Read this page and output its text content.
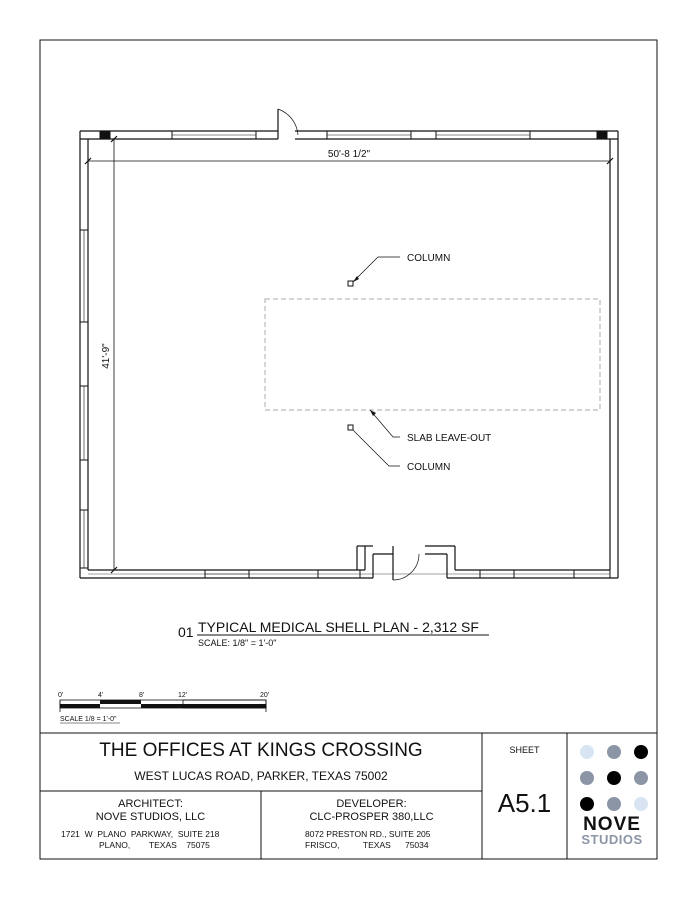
50'-8 1/2"
41'-9"
COLUMN
SLAB LEAVE-OUT
COLUMN
01 TYPICAL MEDICAL SHELL PLAN - 2,312 SF
SCALE: 1/8" = 1'-0"
0'	4'	8'	12'	20'
SCALE 1/8 = 1'-0"
THE OFFICES AT KINGS CROSSING
WEST LUCAS ROAD, PARKER, TEXAS 75002
ARCHITECT:
NOVE STUDIOS, LLC
1721  W  PLANO  PARKWAY,  SUITE 218
PLANO,        TEXAS    75075
DEVELOPER:
CLC-PROSPER 380,LLC
8072 PRESTON RD., SUITE 205
FRISCO,          TEXAS      75034
SHEET
A5.1
NOVE
STUDIOS
